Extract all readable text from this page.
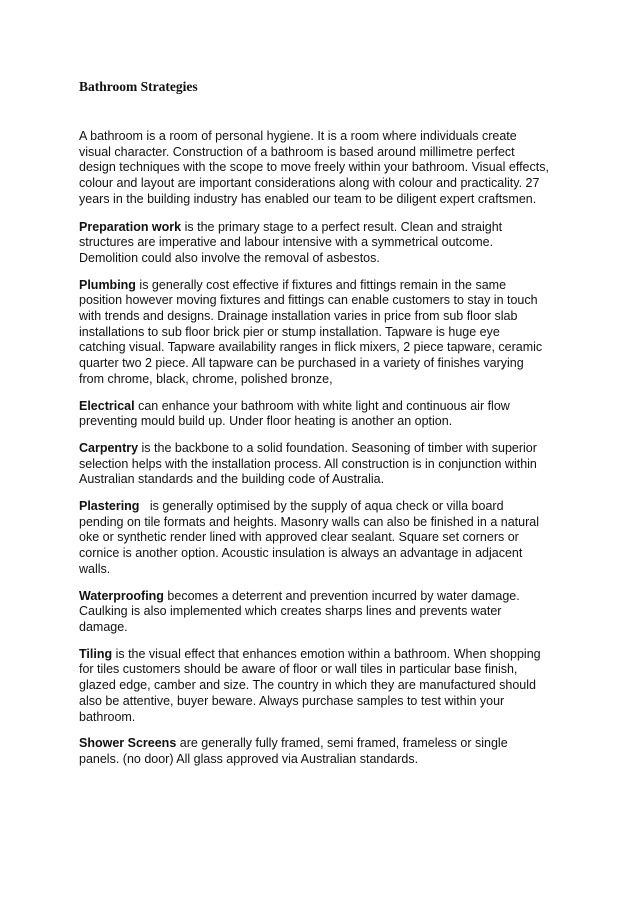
Bathroom Strategies

A bathroom is a room of personal hygiene. It is a room where individuals create visual character. Construction of a bathroom is based around millimetre perfect design techniques with the scope to move freely within your bathroom. Visual effects, colour and layout are important considerations along with colour and practicality. 27 years in the building industry has enabled our team to be diligent expert craftsmen.

Preparation work is the primary stage to a perfect result. Clean and straight structures are imperative and labour intensive with a symmetrical outcome. Demolition could also involve the removal of asbestos.

Plumbing is generally cost effective if fixtures and fittings remain in the same position however moving fixtures and fittings can enable customers to stay in touch with trends and designs. Drainage installation varies in price from sub floor slab installations to sub floor brick pier or stump installation. Tapware is huge eye catching visual. Tapware availability ranges in flick mixers, 2 piece tapware, ceramic quarter two 2 piece. All tapware can be purchased in a variety of finishes varying from chrome, black, chrome, polished bronze,

Electrical can enhance your bathroom with white light and continuous air flow preventing mould build up. Under floor heating is another an option.

Carpentry is the backbone to a solid foundation. Seasoning of timber with superior selection helps with the installation process. All construction is in conjunction within Australian standards and the building code of Australia.

Plastering   is generally optimised by the supply of aqua check or villa board pending on tile formats and heights. Masonry walls can also be finished in a natural oke or synthetic render lined with approved clear sealant. Square set corners or cornice is another option. Acoustic insulation is always an advantage in adjacent walls.

Waterproofing becomes a deterrent and prevention incurred by water damage. Caulking is also implemented which creates sharps lines and prevents water damage.

Tiling is the visual effect that enhances emotion within a bathroom. When shopping for tiles customers should be aware of floor or wall tiles in particular base finish, glazed edge, camber and size. The country in which they are manufactured should also be attentive, buyer beware. Always purchase samples to test within your bathroom.

Shower Screens are generally fully framed, semi framed, frameless or single panels. (no door) All glass approved via Australian standards.
